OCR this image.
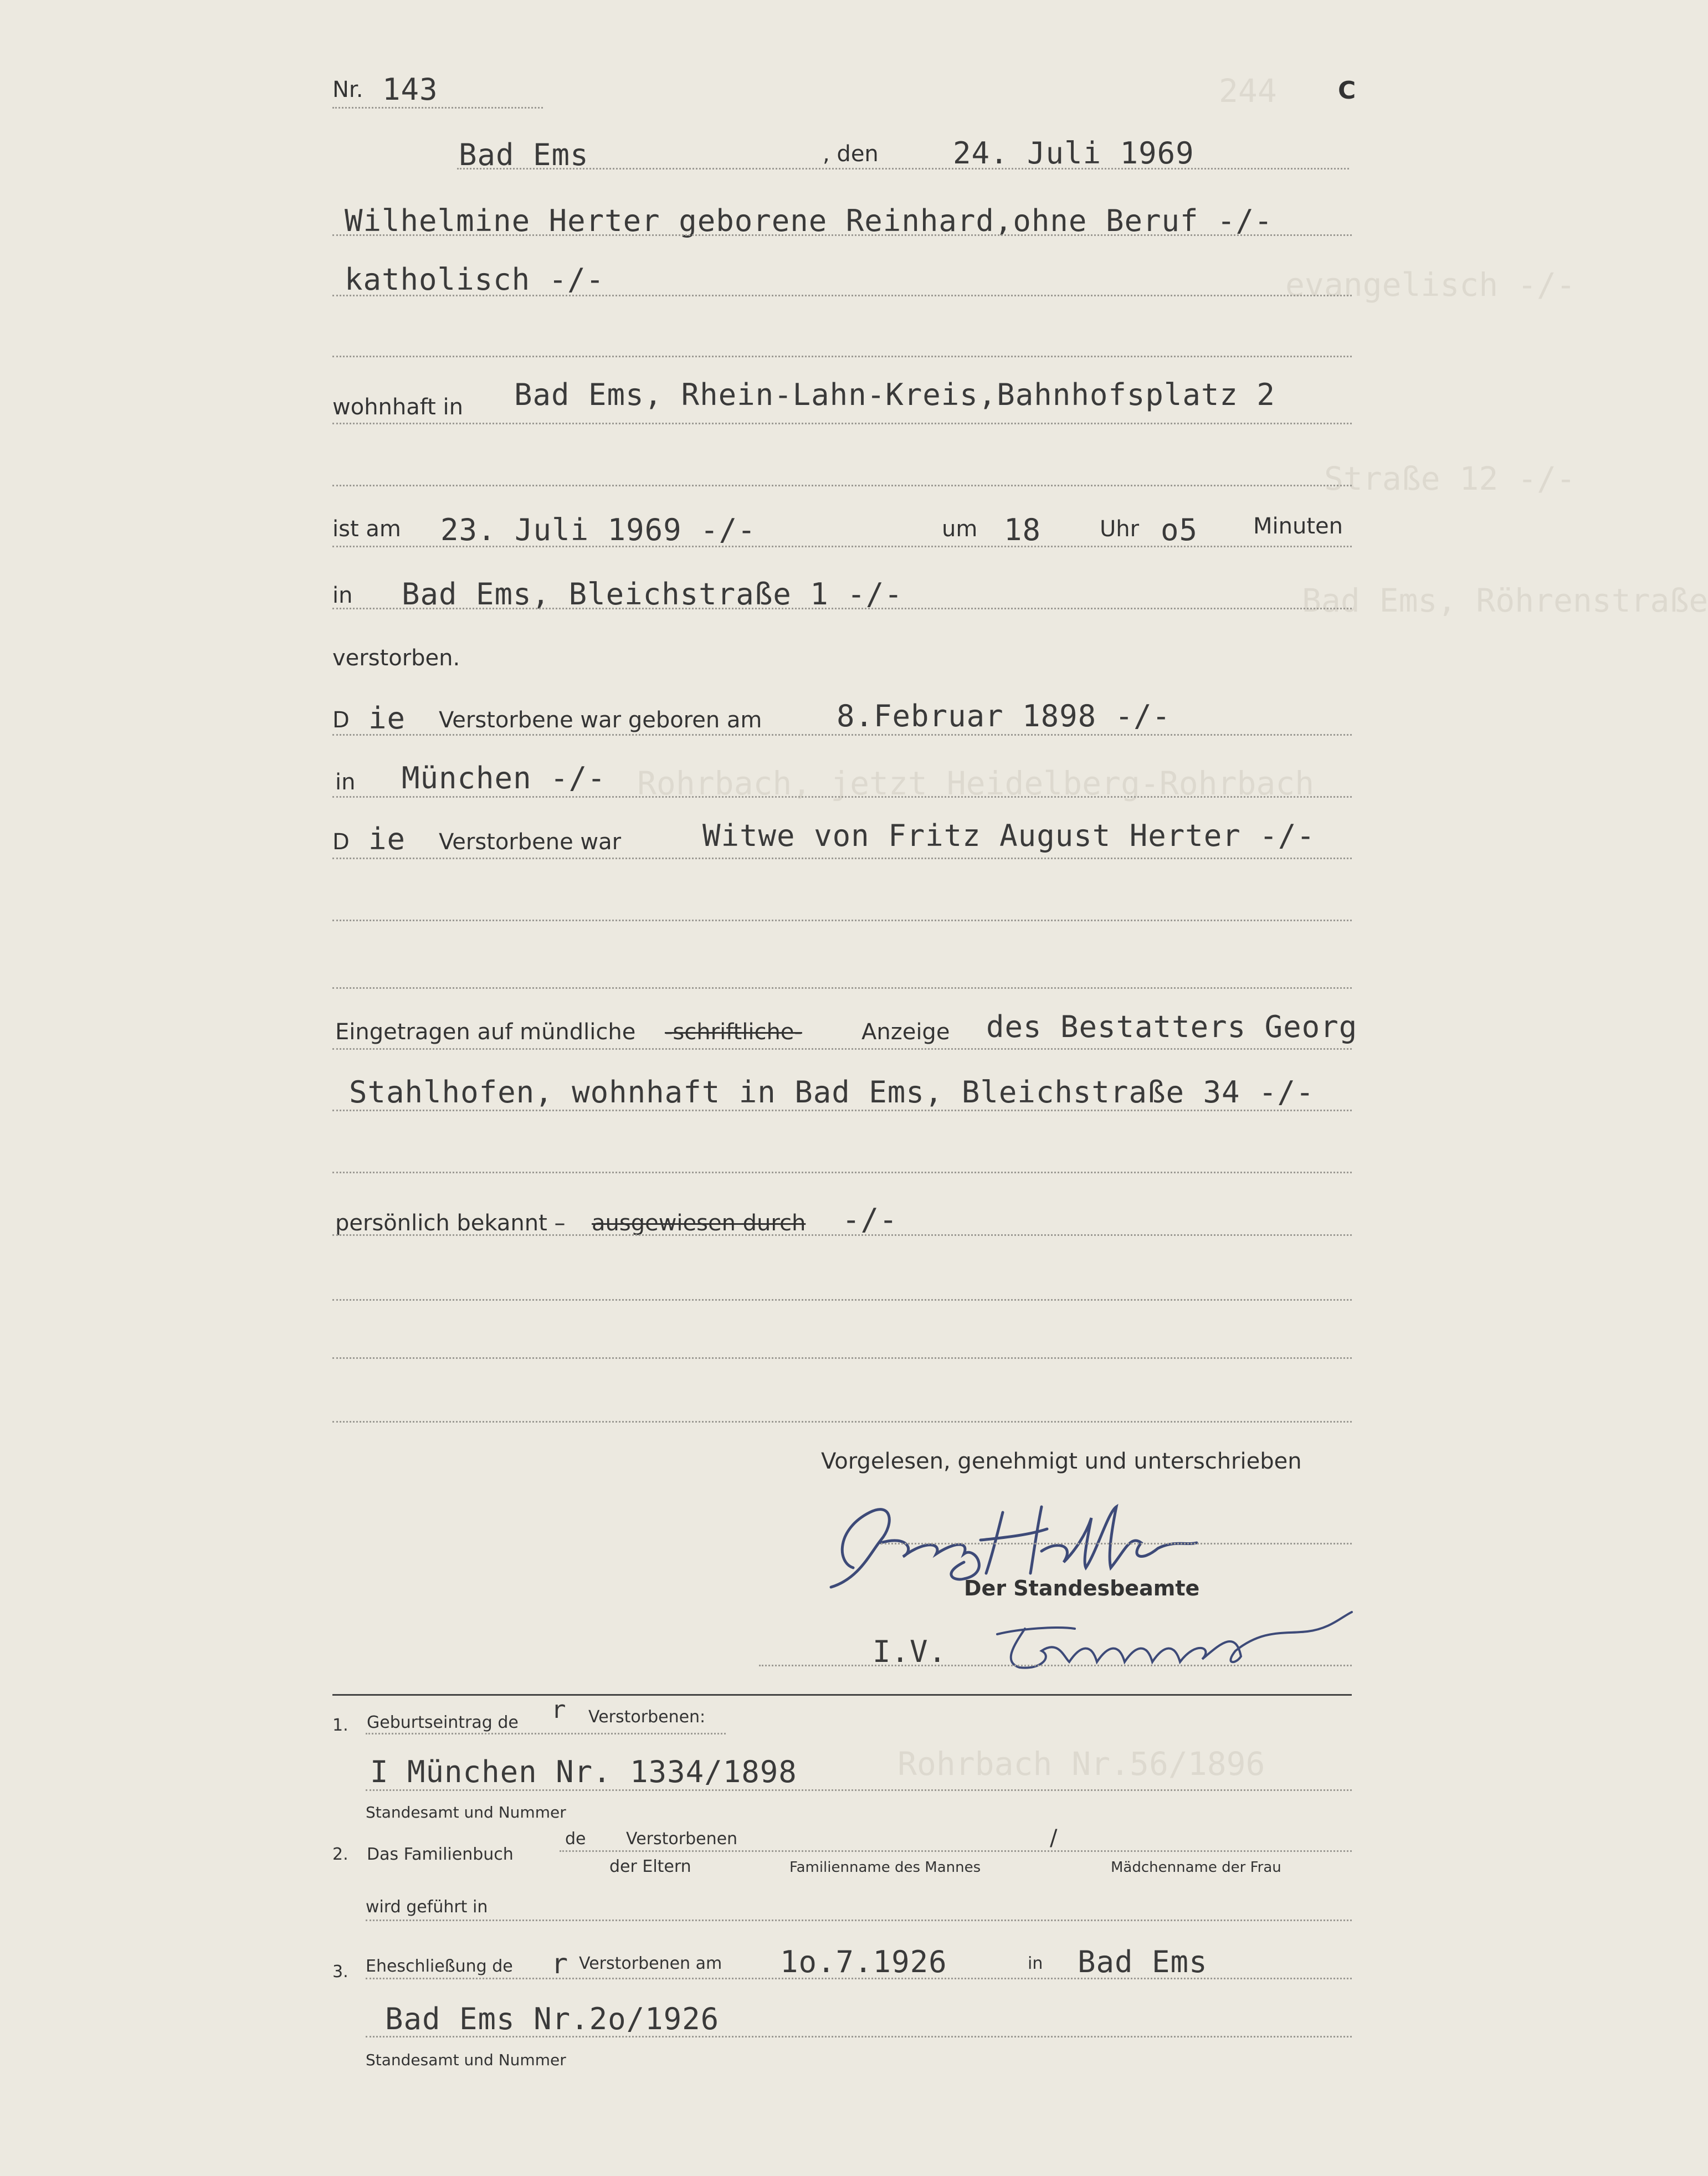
244
evangelisch -/-
Straße 12 -/-
Bad Ems, Röhrenstraße
Rohrbach, jetzt Heidelberg-Rohrbach
Rohrbach Nr.56/1896
Nr. 143	C
Bad Ems	, den 24. Juli 1969
Wilhelmine Herter geborene Reinhard,ohne Beruf -/-
katholisch -/-
wohnhaft in Bad Ems, Rhein-Lahn-Kreis,Bahnhofsplatz 2
ist am 23. Juli 1969 -/-	um 18	Uhr o5 Minuten
in Bad Ems, Bleichstraße 1 -/-
verstorben.
D ie Verstorbene war geboren am 8.Februar 1898 -/-
in München -/-
D ie Verstorbene war	Witwe von Fritz August Herter -/-
Eingetragen auf mündliche -schriftliche-	Anzeige des Bestatters Georg
Stahlhofen, wohnhaft in Bad Ems, Bleichstraße 34 -/-
persönlich bekannt – ausgewiesen durch -/-
Vorgelesen, genehmigt und unterschrieben
Der Standesbeamte
I.V.
1. Geburtseintrag de r Verstorbenen:
I München Nr. 1334/1898
Standesamt und Nummer
2. Das Familienbuch
de Verstorbenen	/
der Eltern	Familienname des Mannes	Mädchenname der Frau
wird geführt in
3. Eheschließung de r Verstorbenen am 1o.7.1926	in Bad Ems
Bad Ems Nr.2o/1926
Standesamt und Nummer
